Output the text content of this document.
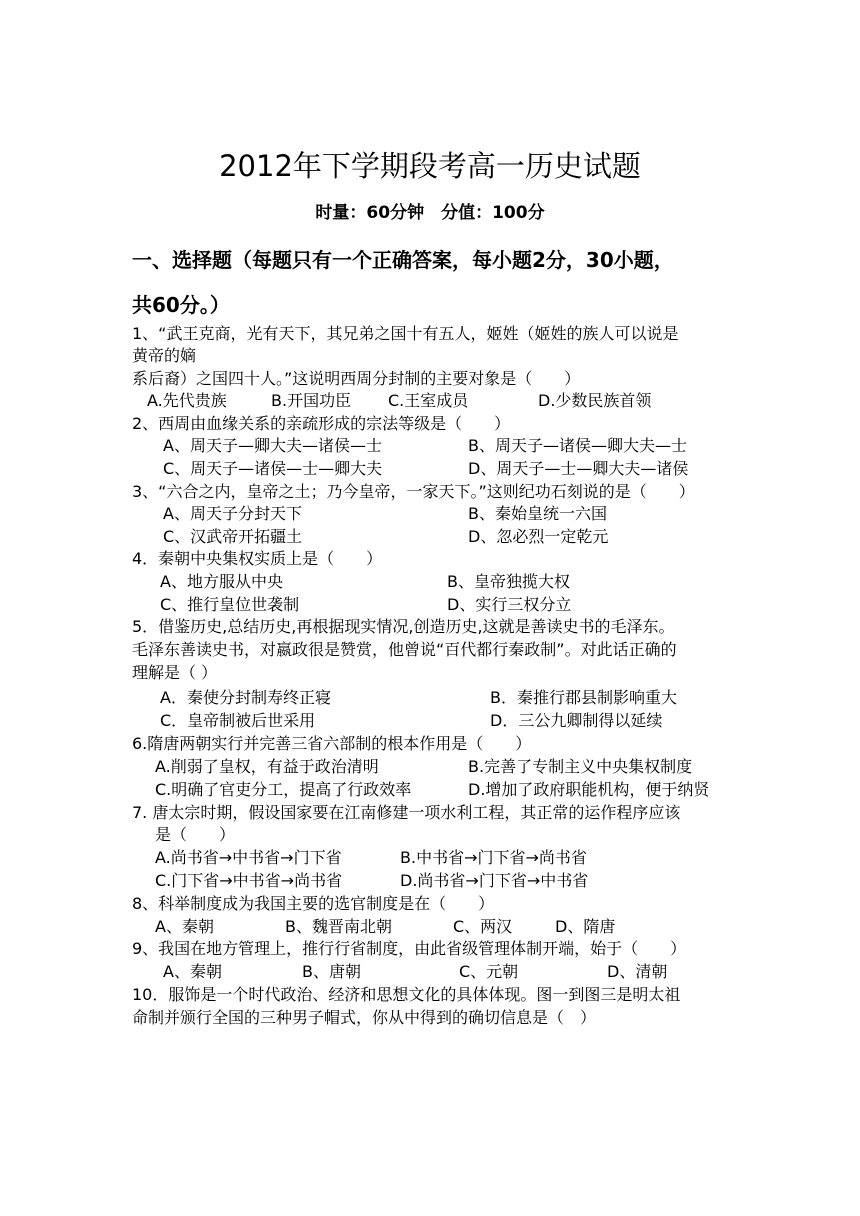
2012年下学期段考高一历史试题
时量：60分钟　分值：100分
一、选择题（每题只有一个正确答案，每小题2分，30小题，
共60分。）
1、“武王克商，光有天下，其兄弟之国十有五人，姬姓（姬姓的族人可以说是
黄帝的嫡
系后裔）之国四十人。”这说明西周分封制的主要对象是（　　）
A.先代贵族	B.开国功臣 C.王室成员	D.少数民族首领
2、西周由血缘关系的亲疏形成的宗法等级是（　　）
A、周天子—卿大夫—诸侯—士	B、周天子—诸侯—卿大夫—士
C、周天子—诸侯—士—卿大夫	D、周天子—士—卿大夫—诸侯
3、“六合之内，皇帝之土；乃今皇帝，一家天下。”这则纪功石刻说的是（　　）
A、周天子分封天下	B、秦始皇统一六国
C、汉武帝开拓疆土	D、忽必烈一定乾元
4．秦朝中央集权实质上是（　　）
A、地方服从中央	B、皇帝独揽大权
C、推行皇位世袭制	D、实行三权分立
5．借鉴历史,总结历史,再根据现实情况,创造历史,这就是善读史书的毛泽东。
毛泽东善读史书，对嬴政很是赞赏，他曾说“百代都行秦政制”。对此话正确的
理解是（ ）
A．秦使分封制寿终正寝	B．秦推行郡县制影响重大
C．皇帝制被后世采用	D．三公九卿制得以延续
6.隋唐两朝实行并完善三省六部制的根本作用是（　　）
A.削弱了皇权，有益于政治清明	B.完善了专制主义中央集权制度
C.明确了官吏分工，提高了行政效率	D.增加了政府职能机构，便于纳贤
7. 唐太宗时期，假设国家要在江南修建一项水利工程，其正常的运作程序应该
是（　　）
A.尚书省→中书省→门下省	B.中书省→门下省→尚书省
C.门下省→中书省→尚书省	D.尚书省→门下省→中书省
8、科举制度成为我国主要的选官制度是在（　　）
A、秦朝	B、魏晋南北朝	C、两汉	D、隋唐
9、我国在地方管理上，推行行省制度，由此省级管理体制开端，始于（　　）
A、秦朝	B、唐朝	C、元朝	D、清朝
10．服饰是一个时代政治、经济和思想文化的具体体现。图一到图三是明太祖
命制并颁行全国的三种男子帽式，你从中得到的确切信息是（　）
